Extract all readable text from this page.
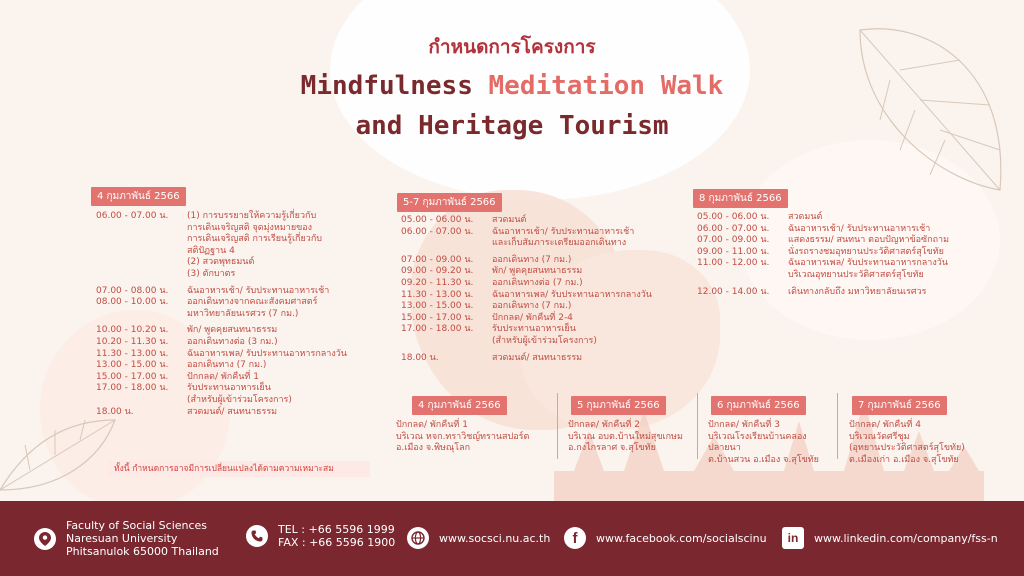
กำหนดการโครงการ
Mindfulness Meditation Walk
and Heritage Tourism
4 กุมภาพันธ์ 2566
06.00 - 07.00 น.	(1) การบรรยายให้ความรู้เกี่ยวกับ
การเดินเจริญสติ จุดมุ่งหมายของ
การเดินเจริญสติ การเรียนรู้เกี่ยวกับ
สติปัฏฐาน 4
(2) สวดพุทธมนต์
(3) ตักบาตร
07.00 - 08.00 น.	ฉันอาหารเช้า/ รับประทานอาหารเช้า
08.00 - 10.00 น.	ออกเดินทางจากคณะสังคมศาสตร์
มหาวิทยาลัยนเรศวร (7 กม.)
10.00 - 10.20 น.	พัก/ พูดคุยสนทนาธรรม
10.20 - 11.30 น.	ออกเดินทางต่อ (3 กม.)
11.30 - 13.00 น.	ฉันอาหารเพล/ รับประทานอาหารกลางวัน
13.00 - 15.00 น.	ออกเดินทาง (7 กม.)
15.00 - 17.00 น.	ปักกลด/ พักคืนที่ 1
17.00 - 18.00 น.	รับประทานอาหารเย็น
(สำหรับผู้เข้าร่วมโครงการ)
18.00 น.	สวดมนต์/ สนทนาธรรม
5-7 กุมภาพันธ์ 2566
05.00 - 06.00 น.	สวดมนต์
06.00 - 07.00 น.	ฉันอาหารเช้า/ รับประทานอาหารเช้า
และเก็บสัมภาระเตรียมออกเดินทาง
07.00 - 09.00 น.	ออกเดินทาง (7 กม.)
09.00 - 09.20 น.	พัก/ พูดคุยสนทนาธรรม
09.20 - 11.30 น.	ออกเดินทางต่อ (7 กม.)
11.30 - 13.00 น.	ฉันอาหารเพล/ รับประทานอาหารกลางวัน
13.00 - 15.00 น.	ออกเดินทาง (7 กม.)
15.00 - 17.00 น.	ปักกลด/ พักคืนที่ 2-4
17.00 - 18.00 น.	รับประทานอาหารเย็น
(สำหรับผู้เข้าร่วมโครงการ)
18.00 น.	สวดมนต์/ สนทนาธรรม
8 กุมภาพันธ์ 2566
05.00 - 06.00 น.	สวดมนต์
06.00 - 07.00 น.	ฉันอาหารเช้า/ รับประทานอาหารเช้า
07.00 - 09.00 น.	แสดงธรรม/ สนทนา ตอบปัญหาข้อซักถาม
09.00 - 11.00 น.	นั่งรถรางชมอุทยานประวัติศาสตร์สุโขทัย
11.00 - 12.00 น.	ฉันอาหารเพล/ รับประทานอาหารกลางวัน
บริเวณอุทยานประวัติศาสตร์สุโขทัย
12.00 - 14.00 น.	เดินทางกลับถึง มหาวิทยาลัยนเรศวร
4 กุมภาพันธ์ 2566
ปักกลด/ พักคืนที่ 1
บริเวณ หจก.ทราวิชญ์ทรานสปอร์ต
อ.เมือง จ.พิษณุโลก
5 กุมภาพันธ์ 2566
ปักกลด/ พักคืนที่ 2
บริเวณ อบต.บ้านใหม่สุขเกษม
อ.กงไกรลาศ จ.สุโขทัย
6 กุมภาพันธ์ 2566
ปักกลด/ พักคืนที่ 3
บริเวณโรงเรียนบ้านคลองปลายนา
ต.บ้านสวน อ.เมือง จ.สุโขทัย
7 กุมภาพันธ์ 2566
ปักกลด/ พักคืนที่ 4
บริเวณวัดศรีชุม
(อุทยานประวัติศาสตร์สุโขทัย)
ต.เมืองเก่า อ.เมือง จ.สุโขทัย
ทั้งนี้ กำหนดการอาจมีการเปลี่ยนแปลงได้ตามความเหมาะสม
Faculty of Social Sciences
Naresuan University
Phitsanulok 65000 Thailand
TEL : +66 5596 1999
FAX : +66 5596 1900	www.socsci.nu.ac.th	f	www.facebook.com/socialscinu	in	www.linkedin.com/company/fss-n
